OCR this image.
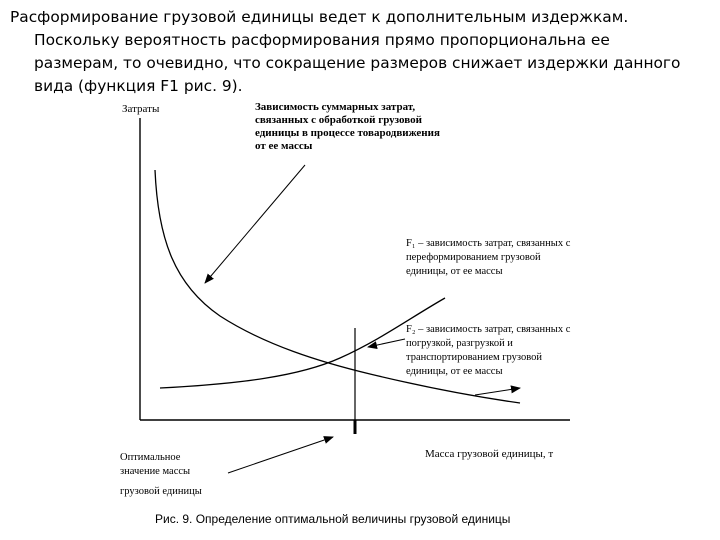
Расформирование грузовой единицы ведет к дополнительным издержкам.
Поскольку вероятность расформирования прямо пропорциональна ее
размерам, то очевидно, что сокращение размеров снижает издержки данного
вида (функция F1 рис. 9).
Затраты
Масса грузовой единицы, т
Зависимость суммарных затрат,
связанных с обработкой грузовой
единицы в процессе товародвижения
от ее массы
F₁ – зависимость затрат, связанных с
переформированием грузовой
единицы, от ее массы
F₂ – зависимость затрат, связанных с
погрузкой, разгрузкой и
транспортированием грузовой
единицы, от ее массы
Оптимальное
значение массы
грузовой единицы
Рис. 9. Определение оптимальной величины грузовой единицы
